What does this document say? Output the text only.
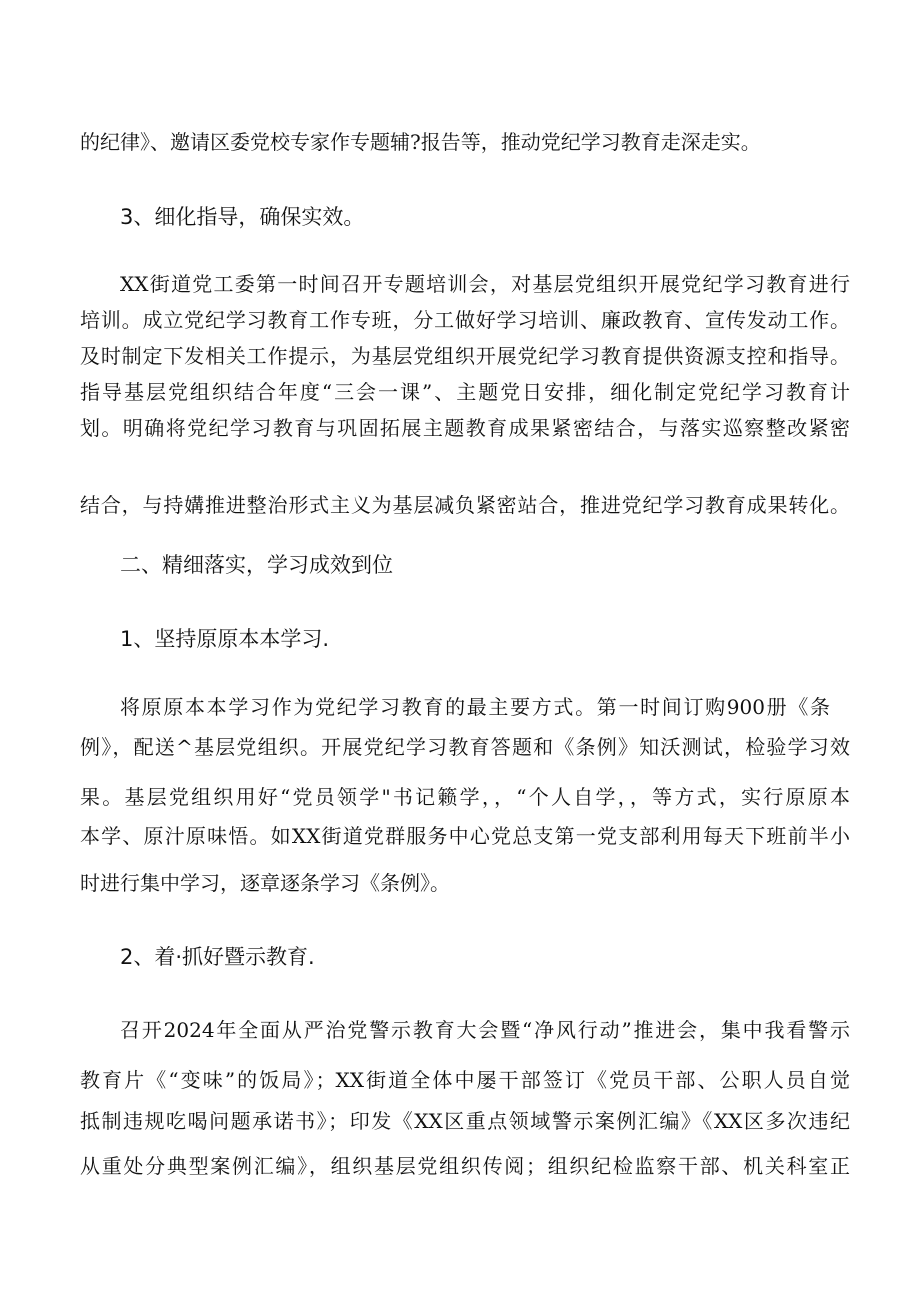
的纪律》、邀请区委党校专家作专题辅?报告等，推动党纪学习教育走深走实。
3、细化指导，确保实效。
XX街道党工委第一时间召开专题培训会，对基层党组织开展党纪学习教育进行
培训。成立党纪学习教育工作专班，分工做好学习培训、廉政教育、宣传发动工作。
及时制定下发相关工作提示，为基层党组织开展党纪学习教育提供资源支控和指导。
指导基层党组织结合年度“三会一课”、主题党日安排，细化制定党纪学习教育计
划。明确将党纪学习教育与巩固拓展主题教育成果紧密结合，与落实巡察整改紧密
结合，与持媾推进整治形式主义为基层减负紧密站合，推进党纪学习教育成果转化。
二、精细落实，学习成效到位
1、坚持原原本本学习.
将原原本本学习作为党纪学习教育的最主要方式。第一时间订购900册《条
例》，配送^基层党组织。开展党纪学习教育答题和《条例》知沃测试，检验学习效
果。基层党组织用好“党员领学"书记籁学，，“个人自学，，等方式，实行原原本
本学、原汁原味悟。如XX街道党群服务中心党总支第一党支部利用每天下班前半小
时进行集中学习，逐章逐条学习《条例》。
2、着·抓好暨示教育.
召开2024年全面从严治党警示教育大会暨“净风行动”推进会，集中我看警示
教育片《“变味”的饭局》；XX街道全体中屡干部签订《党员干部、公职人员自觉
抵制违规吃喝问题承诺书》；印发《XX区重点领域警示案例汇编》《XX区多次违纪
从重处分典型案例汇编》，组织基层党组织传阅；组织纪检监察干部、机关科室正
